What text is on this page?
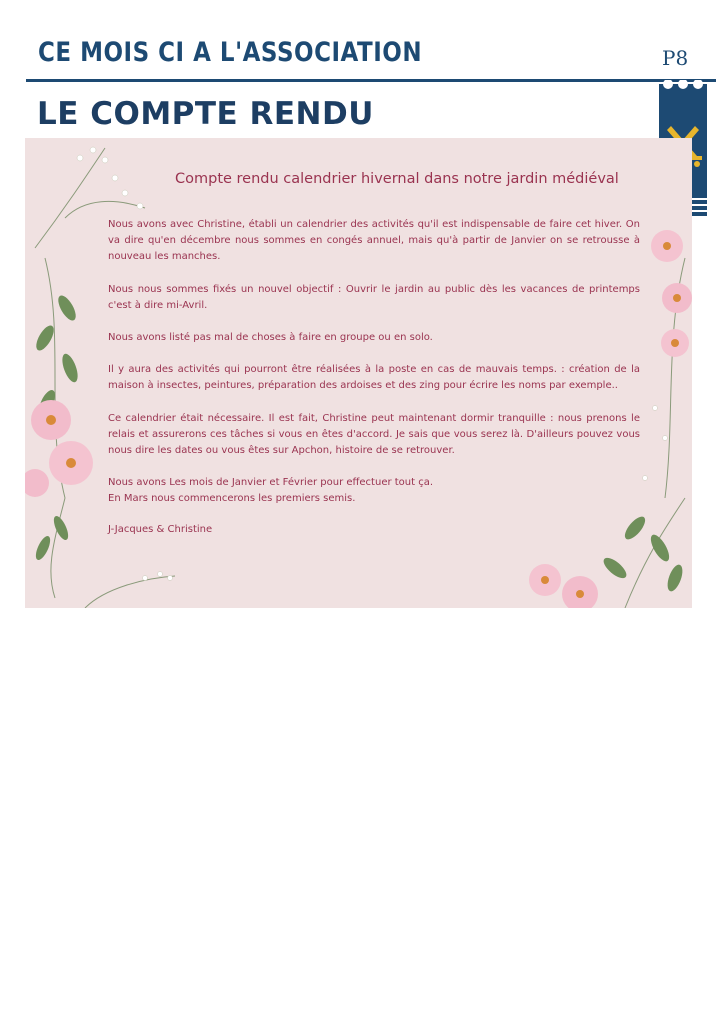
CE MOIS CI A L'ASSOCIATION	P8
LE COMPTE RENDU
Compte rendu calendrier hivernal dans notre jardin médiéval

Nous avons avec Christine, établi un calendrier des activités qu'il est indispensable de faire cet hiver. On va dire qu'en décembre nous sommes en congés annuel, mais qu'à partir de Janvier on se retrousse à nouveau les manches.

Nous nous sommes fixés un nouvel objectif : Ouvrir le jardin au public dès les vacances de printemps c'est à dire mi-Avril.

Nous avons listé pas mal de choses à faire en groupe ou en solo.

Il y aura des activités qui pourront être réalisées à la poste en cas de mauvais temps. : création de la maison à insectes, peintures, préparation des ardoises et des zing pour écrire les noms par exemple..

Ce calendrier était nécessaire. Il est fait, Christine peut maintenant dormir tranquille : nous prenons le relais et assurerons ces tâches si vous en êtes d'accord. Je sais que vous serez là. D'ailleurs pouvez vous nous dire les dates ou vous êtes sur Apchon, histoire de se retrouver.

Nous avons Les mois de Janvier et Février pour effectuer tout ça.

En Mars nous commencerons les premiers semis.

J-Jacques & Christine
